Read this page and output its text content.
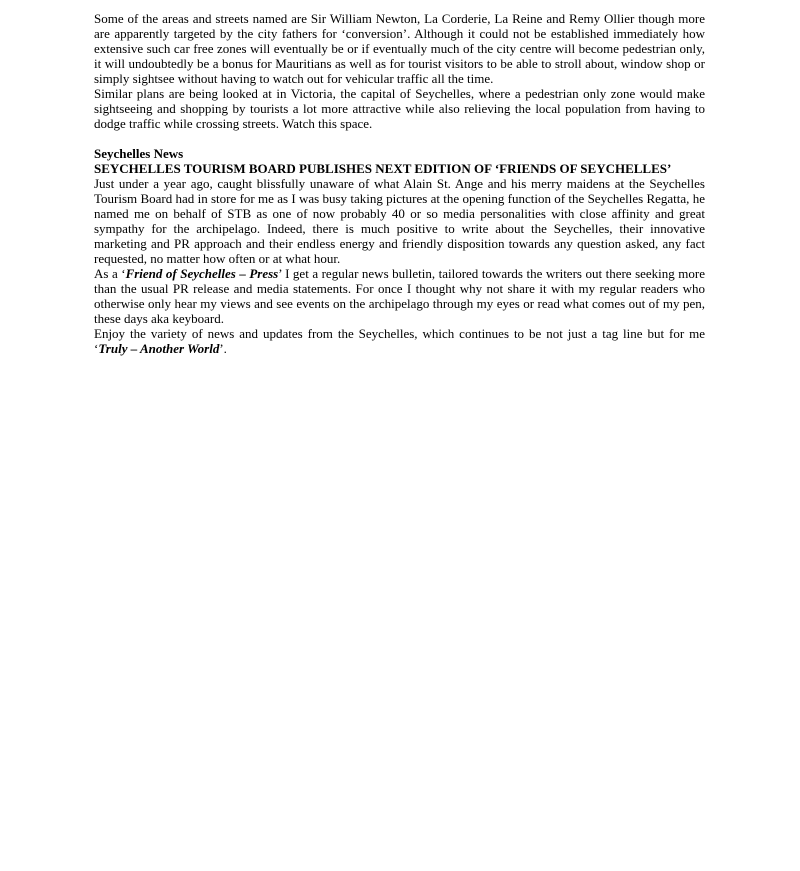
Some of the areas and streets named are Sir William Newton, La Corderie, La Reine and Remy Ollier though more are apparently targeted by the city fathers for ‘conversion’. Although it could not be established immediately how extensive such car free zones will eventually be or if eventually much of the city centre will become pedestrian only, it will undoubtedly be a bonus for Mauritians as well as for tourist visitors to be able to stroll about, window shop or simply sightsee without having to watch out for vehicular traffic all the time.

Similar plans are being looked at in Victoria, the capital of Seychelles, where a pedestrian only zone would make sightseeing and shopping by tourists a lot more attractive while also relieving the local population from having to dodge traffic while crossing streets. Watch this space.

Seychelles News

SEYCHELLES TOURISM BOARD PUBLISHES NEXT EDITION OF ‘FRIENDS OF SEYCHELLES’

Just under a year ago, caught blissfully unaware of what Alain St. Ange and his merry maidens at the Seychelles Tourism Board had in store for me as I was busy taking pictures at the opening function of the Seychelles Regatta, he named me on behalf of STB as one of now probably 40 or so media personalities with close affinity and great sympathy for the archipelago. Indeed, there is much positive to write about the Seychelles, their innovative marketing and PR approach and their endless energy and friendly disposition towards any question asked, any fact requested, no matter how often or at what hour.

As a ‘Friend of Seychelles – Press’ I get a regular news bulletin, tailored towards the writers out there seeking more than the usual PR release and media statements. For once I thought why not share it with my regular readers who otherwise only hear my views and see events on the archipelago through my eyes or read what comes out of my pen, these days aka keyboard.

Enjoy the variety of news and updates from the Seychelles, which continues to be not just a tag line but for me ‘Truly – Another World’.
